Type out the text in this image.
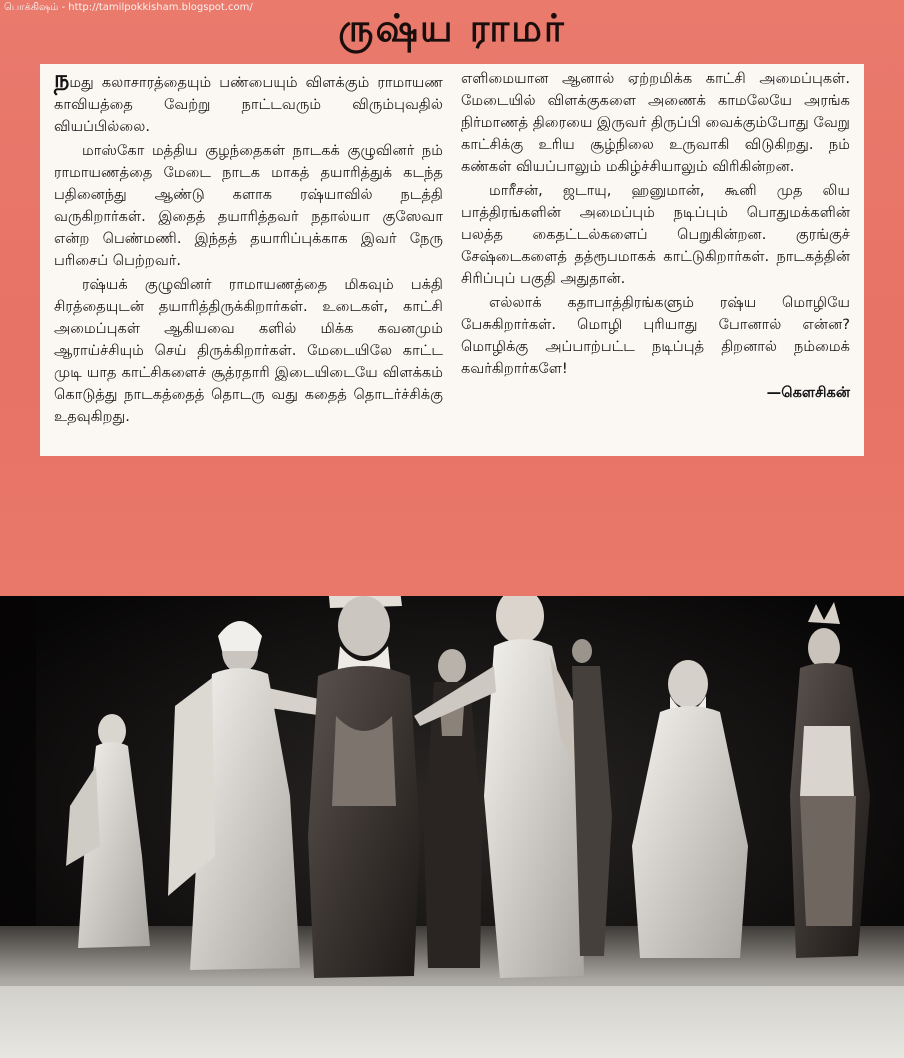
பொக்கிஷம் - http://tamilpokkisham.blogspot.com/	ருஷ்ய ராமர்

நமது கலாசாரத்தையும் பண்பையும் விளக்கும் ராமாயண காவியத்தை வேற்று நாட்டவரும் விரும்புவதில் வியப்பில்லை.

மாஸ்கோ மத்திய குழந்தைகள் நாடகக் குழுவினர் நம் ராமாயணத்தை மேடை நாடக மாகத் தயாரித்துக் கடந்த பதினைந்து ஆண்டு களாக ரஷ்யாவில் நடத்தி வருகிறார்கள். இதைத் தயாரித்தவர் நதால்யா குஸேவா என்ற பெண்மணி. இந்தத் தயாரிப்புக்காக இவர் நேரு பரிசைப் பெற்றவர்.

ரஷ்யக் குழுவினர் ராமாயணத்தை மிகவும் பக்தி சிரத்தையுடன் தயாரித்திருக்கிறார்கள். உடைகள், காட்சி அமைப்புகள் ஆகியவை களில் மிக்க கவனமும் ஆராய்ச்சியும் செய் திருக்கிறார்கள். மேடையிலே காட்ட முடி யாத காட்சிகளைச் சூத்ரதாரி இடையிடையே விளக்கம் கொடுத்து நாடகத்தைத் தொடரு வது கதைத் தொடர்ச்சிக்கு உதவுகிறது.

எளிமையான ஆனால் ஏற்றமிக்க காட்சி அமைப்புகள். மேடையில் விளக்குகளை அணைக் காமலேயே அரங்க நிர்மாணத் திரையை இருவர் திருப்பி வைக்கும்போது வேறு காட்சிக்கு உரிய சூழ்நிலை உருவாகி விடுகிறது. நம் கண்கள் வியப்பாலும் மகிழ்ச்சியாலும் விரிகின்றன.

மாரீசன், ஜடாயு, ஹனுமான், கூனி முத லிய பாத்திரங்களின் அமைப்பும் நடிப்பும் பொதுமக்களின் பலத்த கைதட்டல்களைப் பெறுகின்றன. குரங்குச் சேஷ்டைகளைத் தத்ரூபமாகக் காட்டுகிறார்கள். நாடகத்தின் சிரிப்புப் பகுதி அதுதான்.

எல்லாக் கதாபாத்திரங்களும் ரஷ்ய மொழியே பேசுகிறார்கள். மொழி புரியாது போனால் என்ன? மொழிக்கு அப்பாற்பட்ட நடிப்புத் திறனால் நம்மைக் கவர்கிறார்களே!

—கௌசிகன்
